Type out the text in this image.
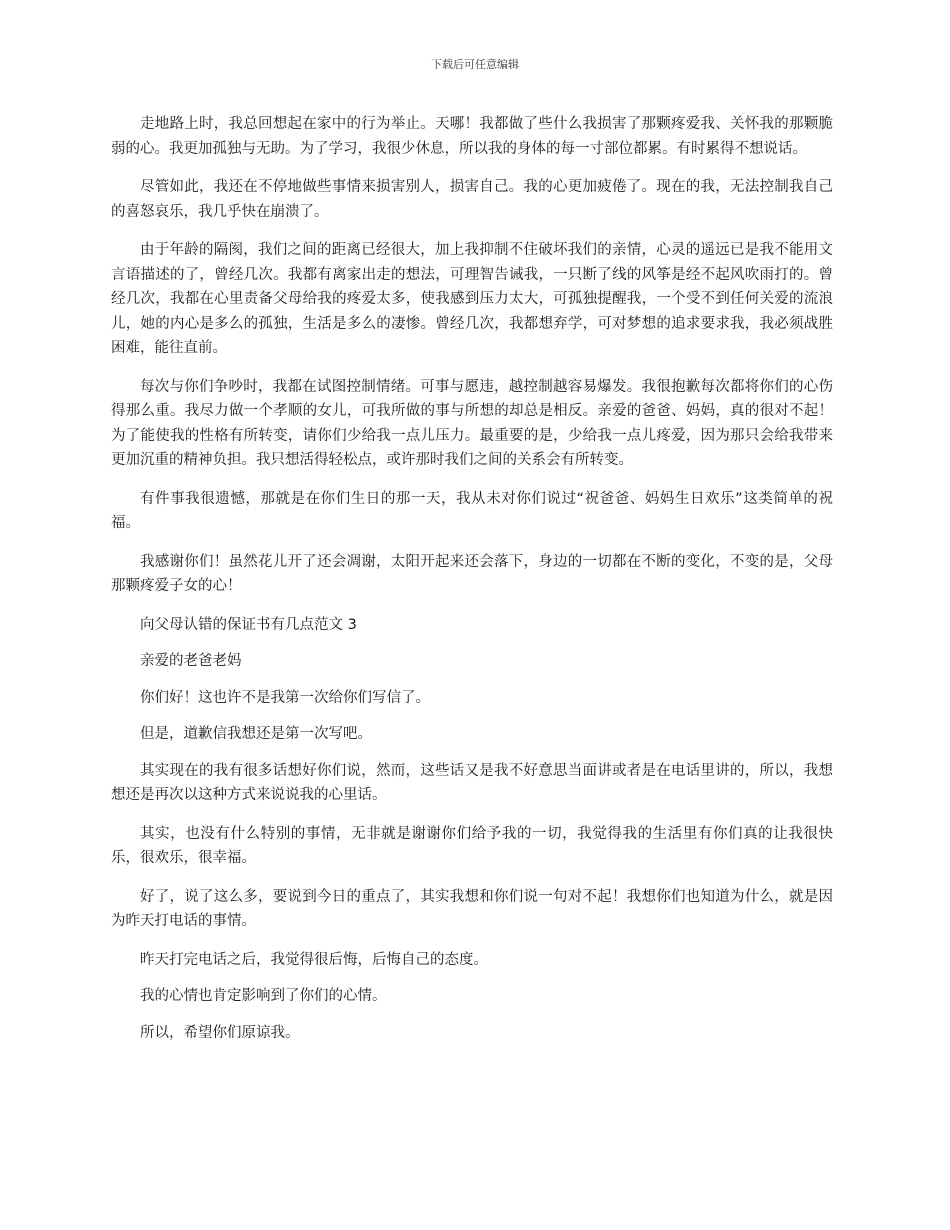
下载后可任意编辑

走地路上时，我总回想起在家中的行为举止。天哪！我都做了些什么我损害了那颗疼爱我、关怀我的那颗脆弱的心。我更加孤独与无助。为了学习，我很少休息，所以我的身体的每一寸部位都累。有时累得不想说话。

尽管如此，我还在不停地做些事情来损害别人，损害自己。我的心更加疲倦了。现在的我，无法控制我自己的喜怒哀乐，我几乎快在崩溃了。

由于年龄的隔阂，我们之间的距离已经很大，加上我抑制不住破坏我们的亲情，心灵的遥远已是我不能用文言语描述的了，曾经几次。我都有离家出走的想法，可理智告诫我，一只断了线的风筝是经不起风吹雨打的。曾经几次，我都在心里责备父母给我的疼爱太多，使我感到压力太大，可孤独提醒我，一个受不到任何关爱的流浪儿，她的内心是多么的孤独，生活是多么的凄惨。曾经几次，我都想弃学，可对梦想的追求要求我，我必须战胜困难，能往直前。

每次与你们争吵时，我都在试图控制情绪。可事与愿违，越控制越容易爆发。我很抱歉每次都将你们的心伤得那么重。我尽力做一个孝顺的女儿，可我所做的事与所想的却总是相反。亲爱的爸爸、妈妈，真的很对不起！为了能使我的性格有所转变，请你们少给我一点儿压力。最重要的是，少给我一点儿疼爱，因为那只会给我带来更加沉重的精神负担。我只想活得轻松点，或许那时我们之间的关系会有所转变。

有件事我很遗憾，那就是在你们生日的那一天，我从未对你们说过“祝爸爸、妈妈生日欢乐”这类简单的祝福。

我感谢你们！虽然花儿开了还会凋谢，太阳开起来还会落下，身边的一切都在不断的变化，不变的是，父母那颗疼爱子女的心！

向父母认错的保证书有几点范文 3

亲爱的老爸老妈

你们好！这也许不是我第一次给你们写信了。

但是，道歉信我想还是第一次写吧。

其实现在的我有很多话想好你们说，然而，这些话又是我不好意思当面讲或者是在电话里讲的，所以，我想想还是再次以这种方式来说说我的心里话。

其实，也没有什么特别的事情，无非就是谢谢你们给予我的一切，我觉得我的生活里有你们真的让我很快乐，很欢乐，很幸福。

好了，说了这么多，要说到今日的重点了，其实我想和你们说一句对不起！我想你们也知道为什么，就是因为昨天打电话的事情。

昨天打完电话之后，我觉得很后悔，后悔自己的态度。

我的心情也肯定影响到了你们的心情。

所以，希望你们原谅我。
